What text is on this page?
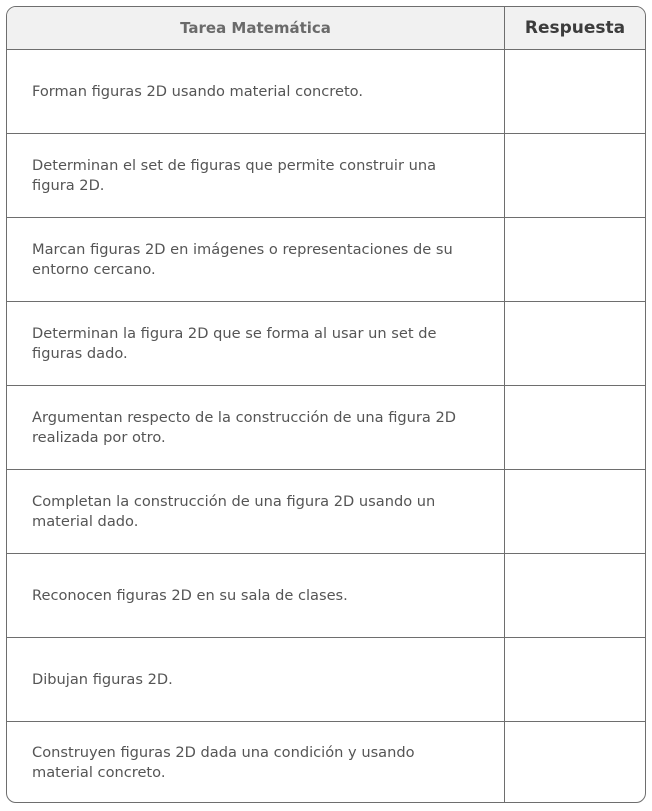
Tarea Matemática	Respuesta
Forman figuras 2D usando material concreto.
Determinan el set de figuras que permite construir una figura 2D.
Marcan figuras 2D en imágenes o representaciones de su entorno cercano.
Determinan la figura 2D que se forma al usar un set de figuras dado.
Argumentan respecto de la construcción de una figura 2D realizada por otro.
Completan la construcción de una figura 2D usando un material dado.
Reconocen figuras 2D en su sala de clases.
Dibujan figuras 2D.
Construyen figuras 2D dada una condición y usando material concreto.
